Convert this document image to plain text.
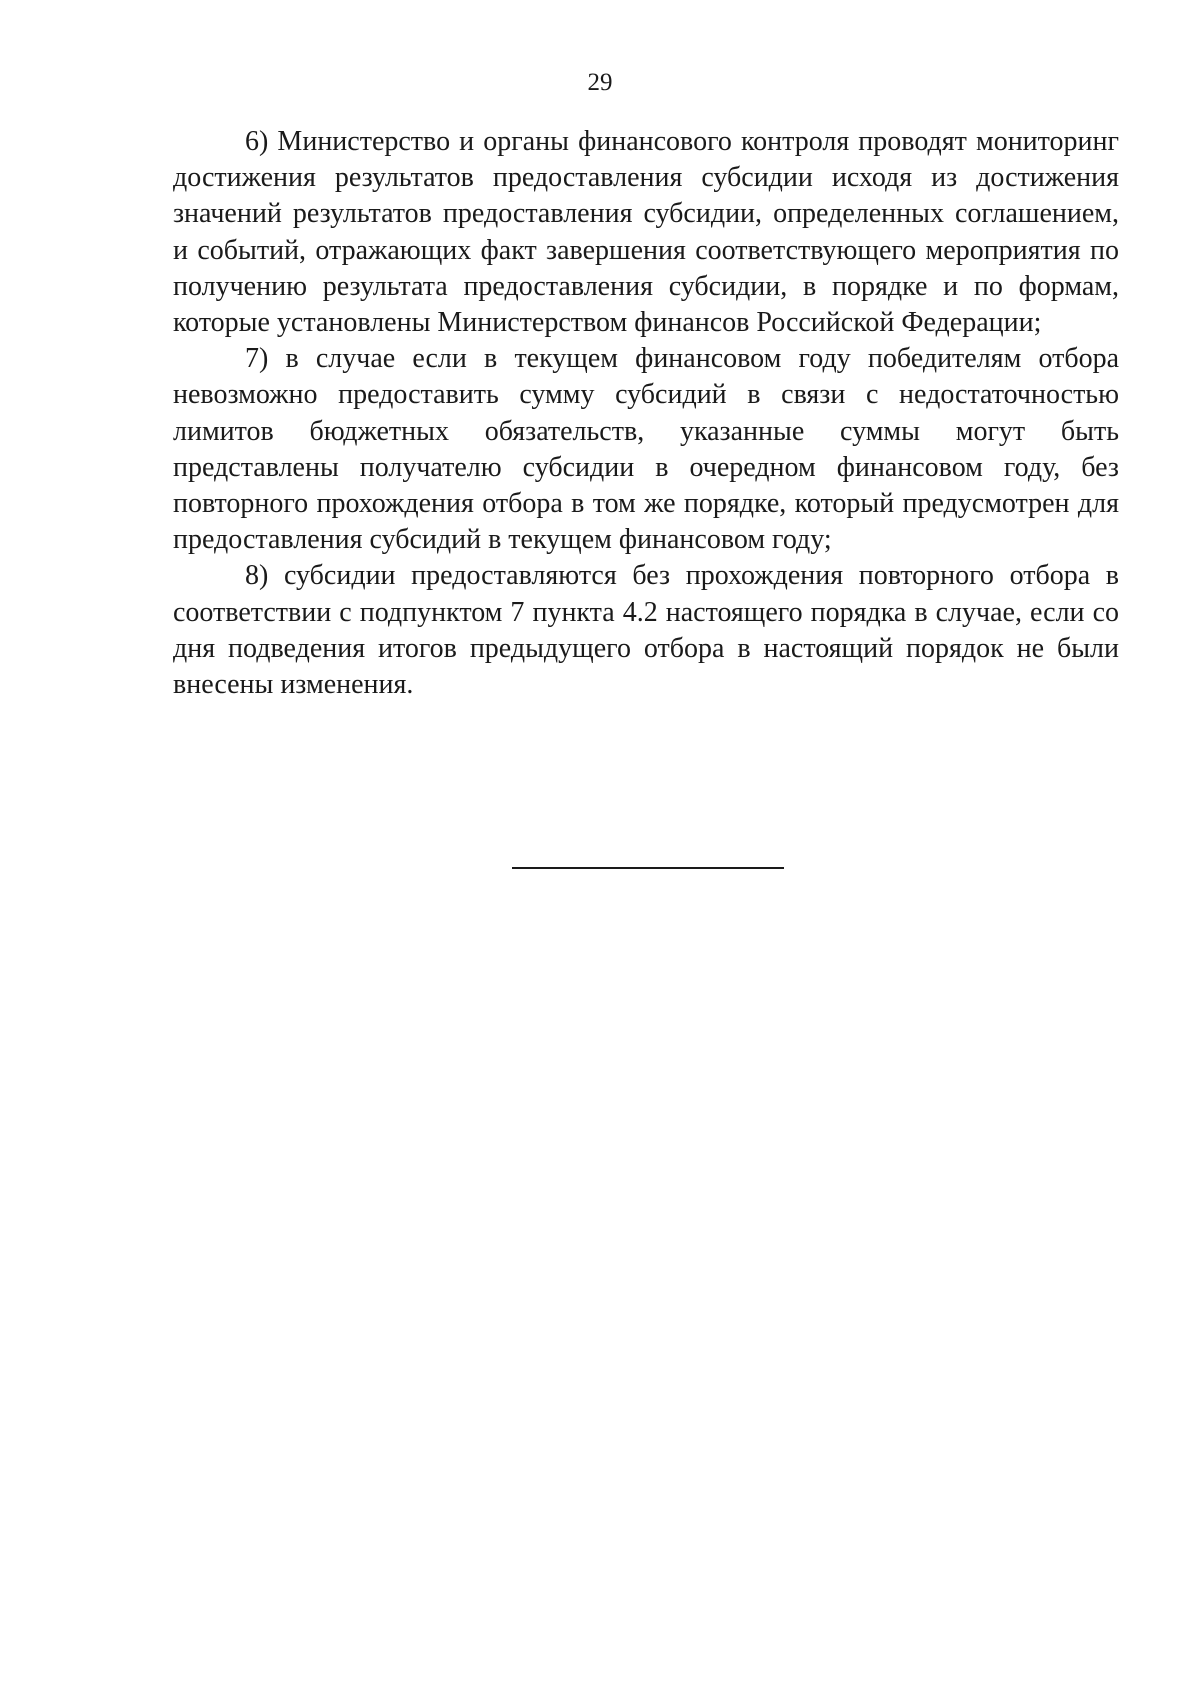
29

6) Министерство и органы финансового контроля проводят мониторинг достижения результатов предоставления субсидии исходя из достижения значений результатов предоставления субсидии, определенных соглашением, и событий, отражающих факт завершения соответствующего мероприятия по получению результата предоставления субсидии, в порядке и по формам, которые установлены Министерством финансов Российской Федерации;

7) в случае если в текущем финансовом году победителям отбора невозможно предоставить сумму субсидий в связи с недостаточностью лимитов бюджетных обязательств, указанные суммы могут быть представлены получателю субсидии в очередном финансовом году, без повторного прохождения отбора в том же порядке, который предусмотрен для предоставления субсидий в текущем финансовом году;

8) субсидии предоставляются без прохождения повторного отбора в соответствии с подпунктом 7 пункта 4.2 настоящего порядка в случае, если со дня подведения итогов предыдущего отбора в настоящий порядок не были внесены изменения.
